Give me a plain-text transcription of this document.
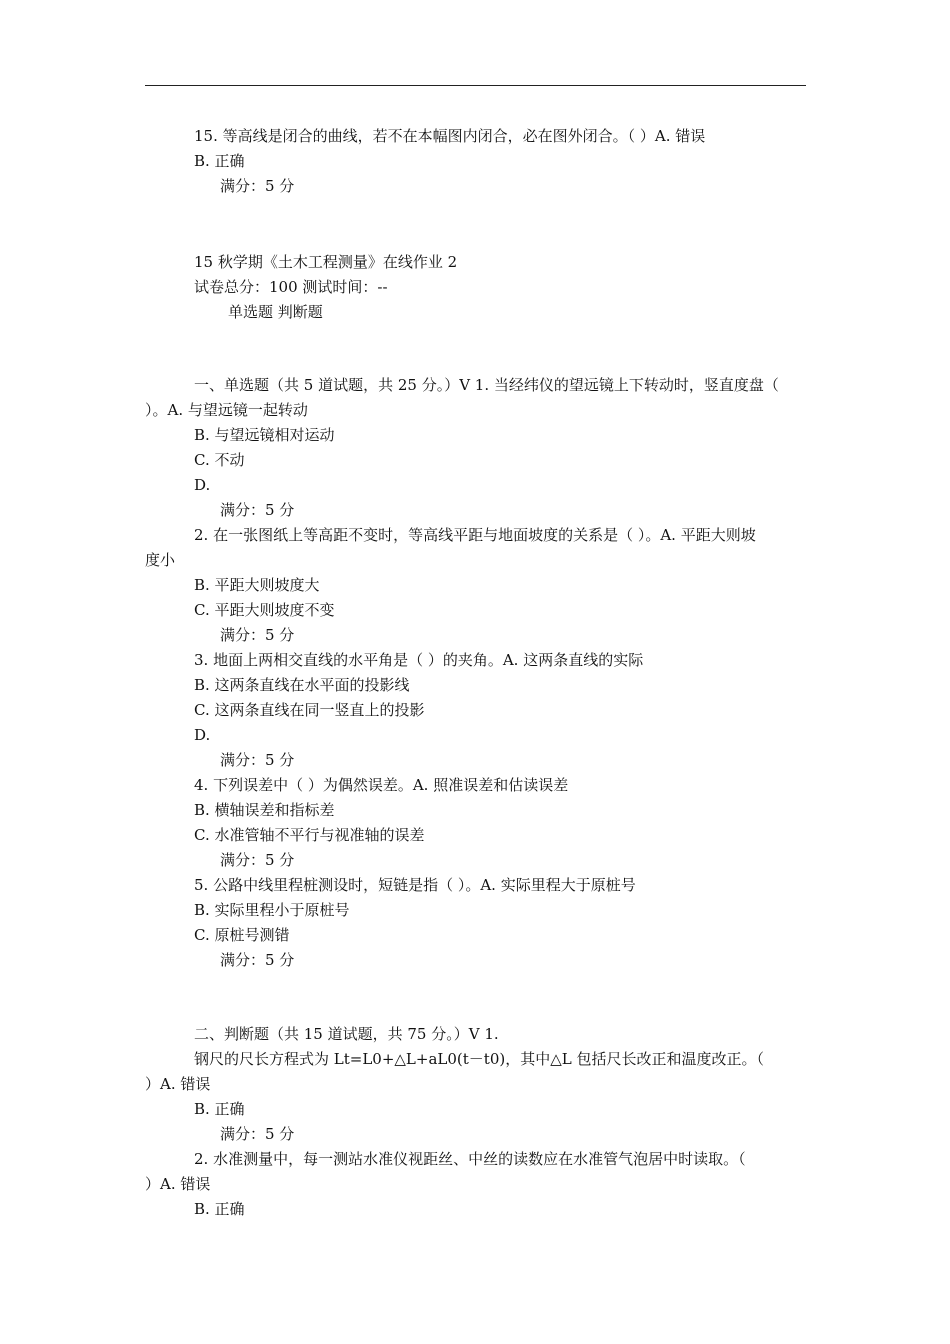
15. 等高线是闭合的曲线，若不在本幅图内闭合，必在图外闭合。（ ）A. 错误
B. 正确
满分：5 分
15 秋学期《土木工程测量》在线作业 2
试卷总分：100 测试时间：--
单选题 判断题
一、单选题（共 5 道试题，共 25 分。）V 1. 当经纬仪的望远镜上下转动时，竖直度盘（
）。A. 与望远镜一起转动
B. 与望远镜相对运动
C. 不动
D.
满分：5 分
2. 在一张图纸上等高距不变时，等高线平距与地面坡度的关系是（ ）。A. 平距大则坡
度小
B. 平距大则坡度大
C. 平距大则坡度不变
满分：5 分
3. 地面上两相交直线的水平角是（ ）的夹角。A. 这两条直线的实际
B. 这两条直线在水平面的投影线
C. 这两条直线在同一竖直上的投影
D.
满分：5 分
4. 下列误差中（ ）为偶然误差。A. 照准误差和估读误差
B. 横轴误差和指标差
C. 水准管轴不平行与视准轴的误差
满分：5 分
5. 公路中线里程桩测设时，短链是指（ ）。A. 实际里程大于原桩号
B. 实际里程小于原桩号
C. 原桩号测错
满分：5 分
二、判断题（共 15 道试题，共 75 分。）V 1.
钢尺的尺长方程式为 Lt=L0+△L+aL0(t－t0)，其中△L 包括尺长改正和温度改正。（
）A. 错误
B. 正确
满分：5 分
2. 水准测量中，每一测站水准仪视距丝、中丝的读数应在水准管气泡居中时读取。（
）A. 错误
B. 正确
